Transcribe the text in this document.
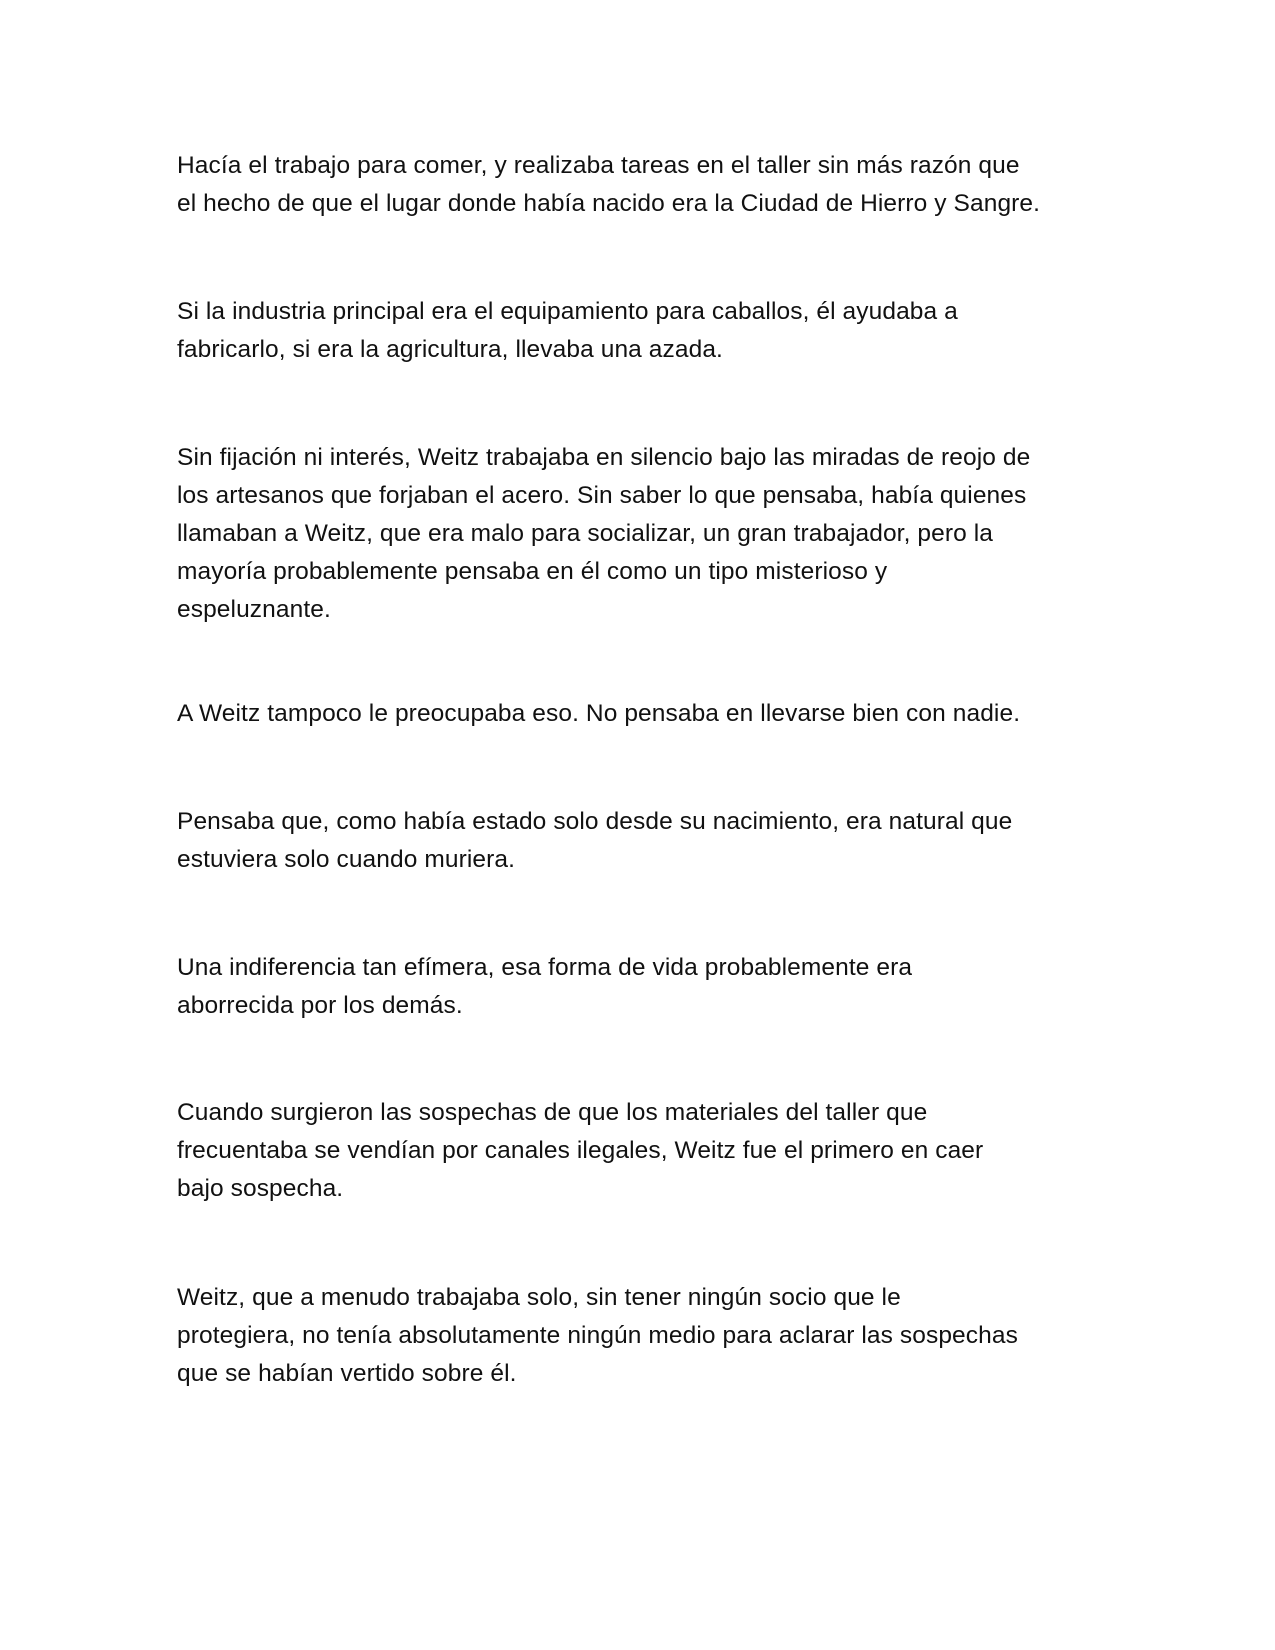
Hacía el trabajo para comer, y realizaba tareas en el taller sin más razón que
el hecho de que el lugar donde había nacido era la Ciudad de Hierro y Sangre.
Si la industria principal era el equipamiento para caballos, él ayudaba a
fabricarlo, si era la agricultura, llevaba una azada.
Sin fijación ni interés, Weitz trabajaba en silencio bajo las miradas de reojo de
los artesanos que forjaban el acero. Sin saber lo que pensaba, había quienes
llamaban a Weitz, que era malo para socializar, un gran trabajador, pero la
mayoría probablemente pensaba en él como un tipo misterioso y
espeluznante.
A Weitz tampoco le preocupaba eso. No pensaba en llevarse bien con nadie.
Pensaba que, como había estado solo desde su nacimiento, era natural que
estuviera solo cuando muriera.
Una indiferencia tan efímera, esa forma de vida probablemente era
aborrecida por los demás.
Cuando surgieron las sospechas de que los materiales del taller que
frecuentaba se vendían por canales ilegales, Weitz fue el primero en caer
bajo sospecha.
Weitz, que a menudo trabajaba solo, sin tener ningún socio que le
protegiera, no tenía absolutamente ningún medio para aclarar las sospechas
que se habían vertido sobre él.
